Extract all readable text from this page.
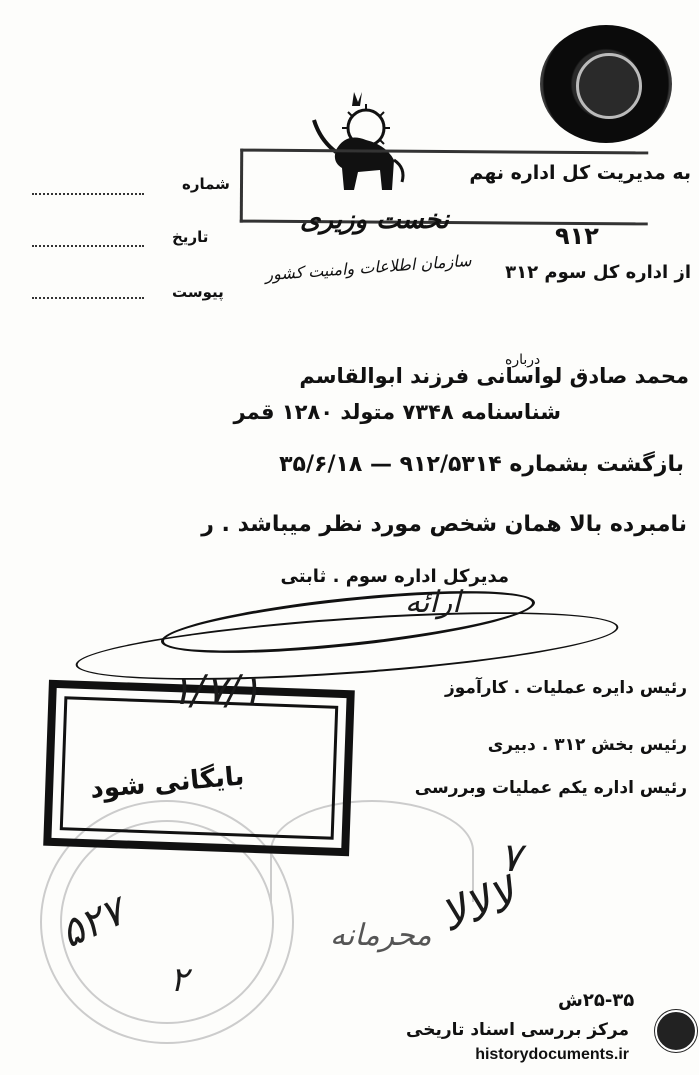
شماره
تاریخ
پیوست
به مدیریت کل اداره نهم
نخست وزیری
۹۱۲
از اداره کل سوم ۳۱۲
سازمان اطلاعات وامنیت کشور
درباره
محمد صادق لواسانی فرزند ابوالقاسم
شناسنامه ۷۳۴۸ متولد ۱۲۸۰ قمر
بازگشت بشماره ۹۱۲/۵۳۱۴ — ۳۵/۶/۱۸
نامبرده بالا همان شخص مورد نظر میباشد . ر
مدیرکل اداره سوم . ثابتی
ﺍﺭﺍﺋﻪ
بایگانی شود
۱/۷/۱	رئیس دایره عملیات . کارآموز
رئیس بخش ۳۱۲ . دبیری
رئیس اداره یکم عملیات وبررسی
۷
ﻻﻻﻻ
۵۲۷
۲
محرمانه
۲۵-۳۵ش
مرکز بررسی اسناد تاریخی
historydocuments.ir
